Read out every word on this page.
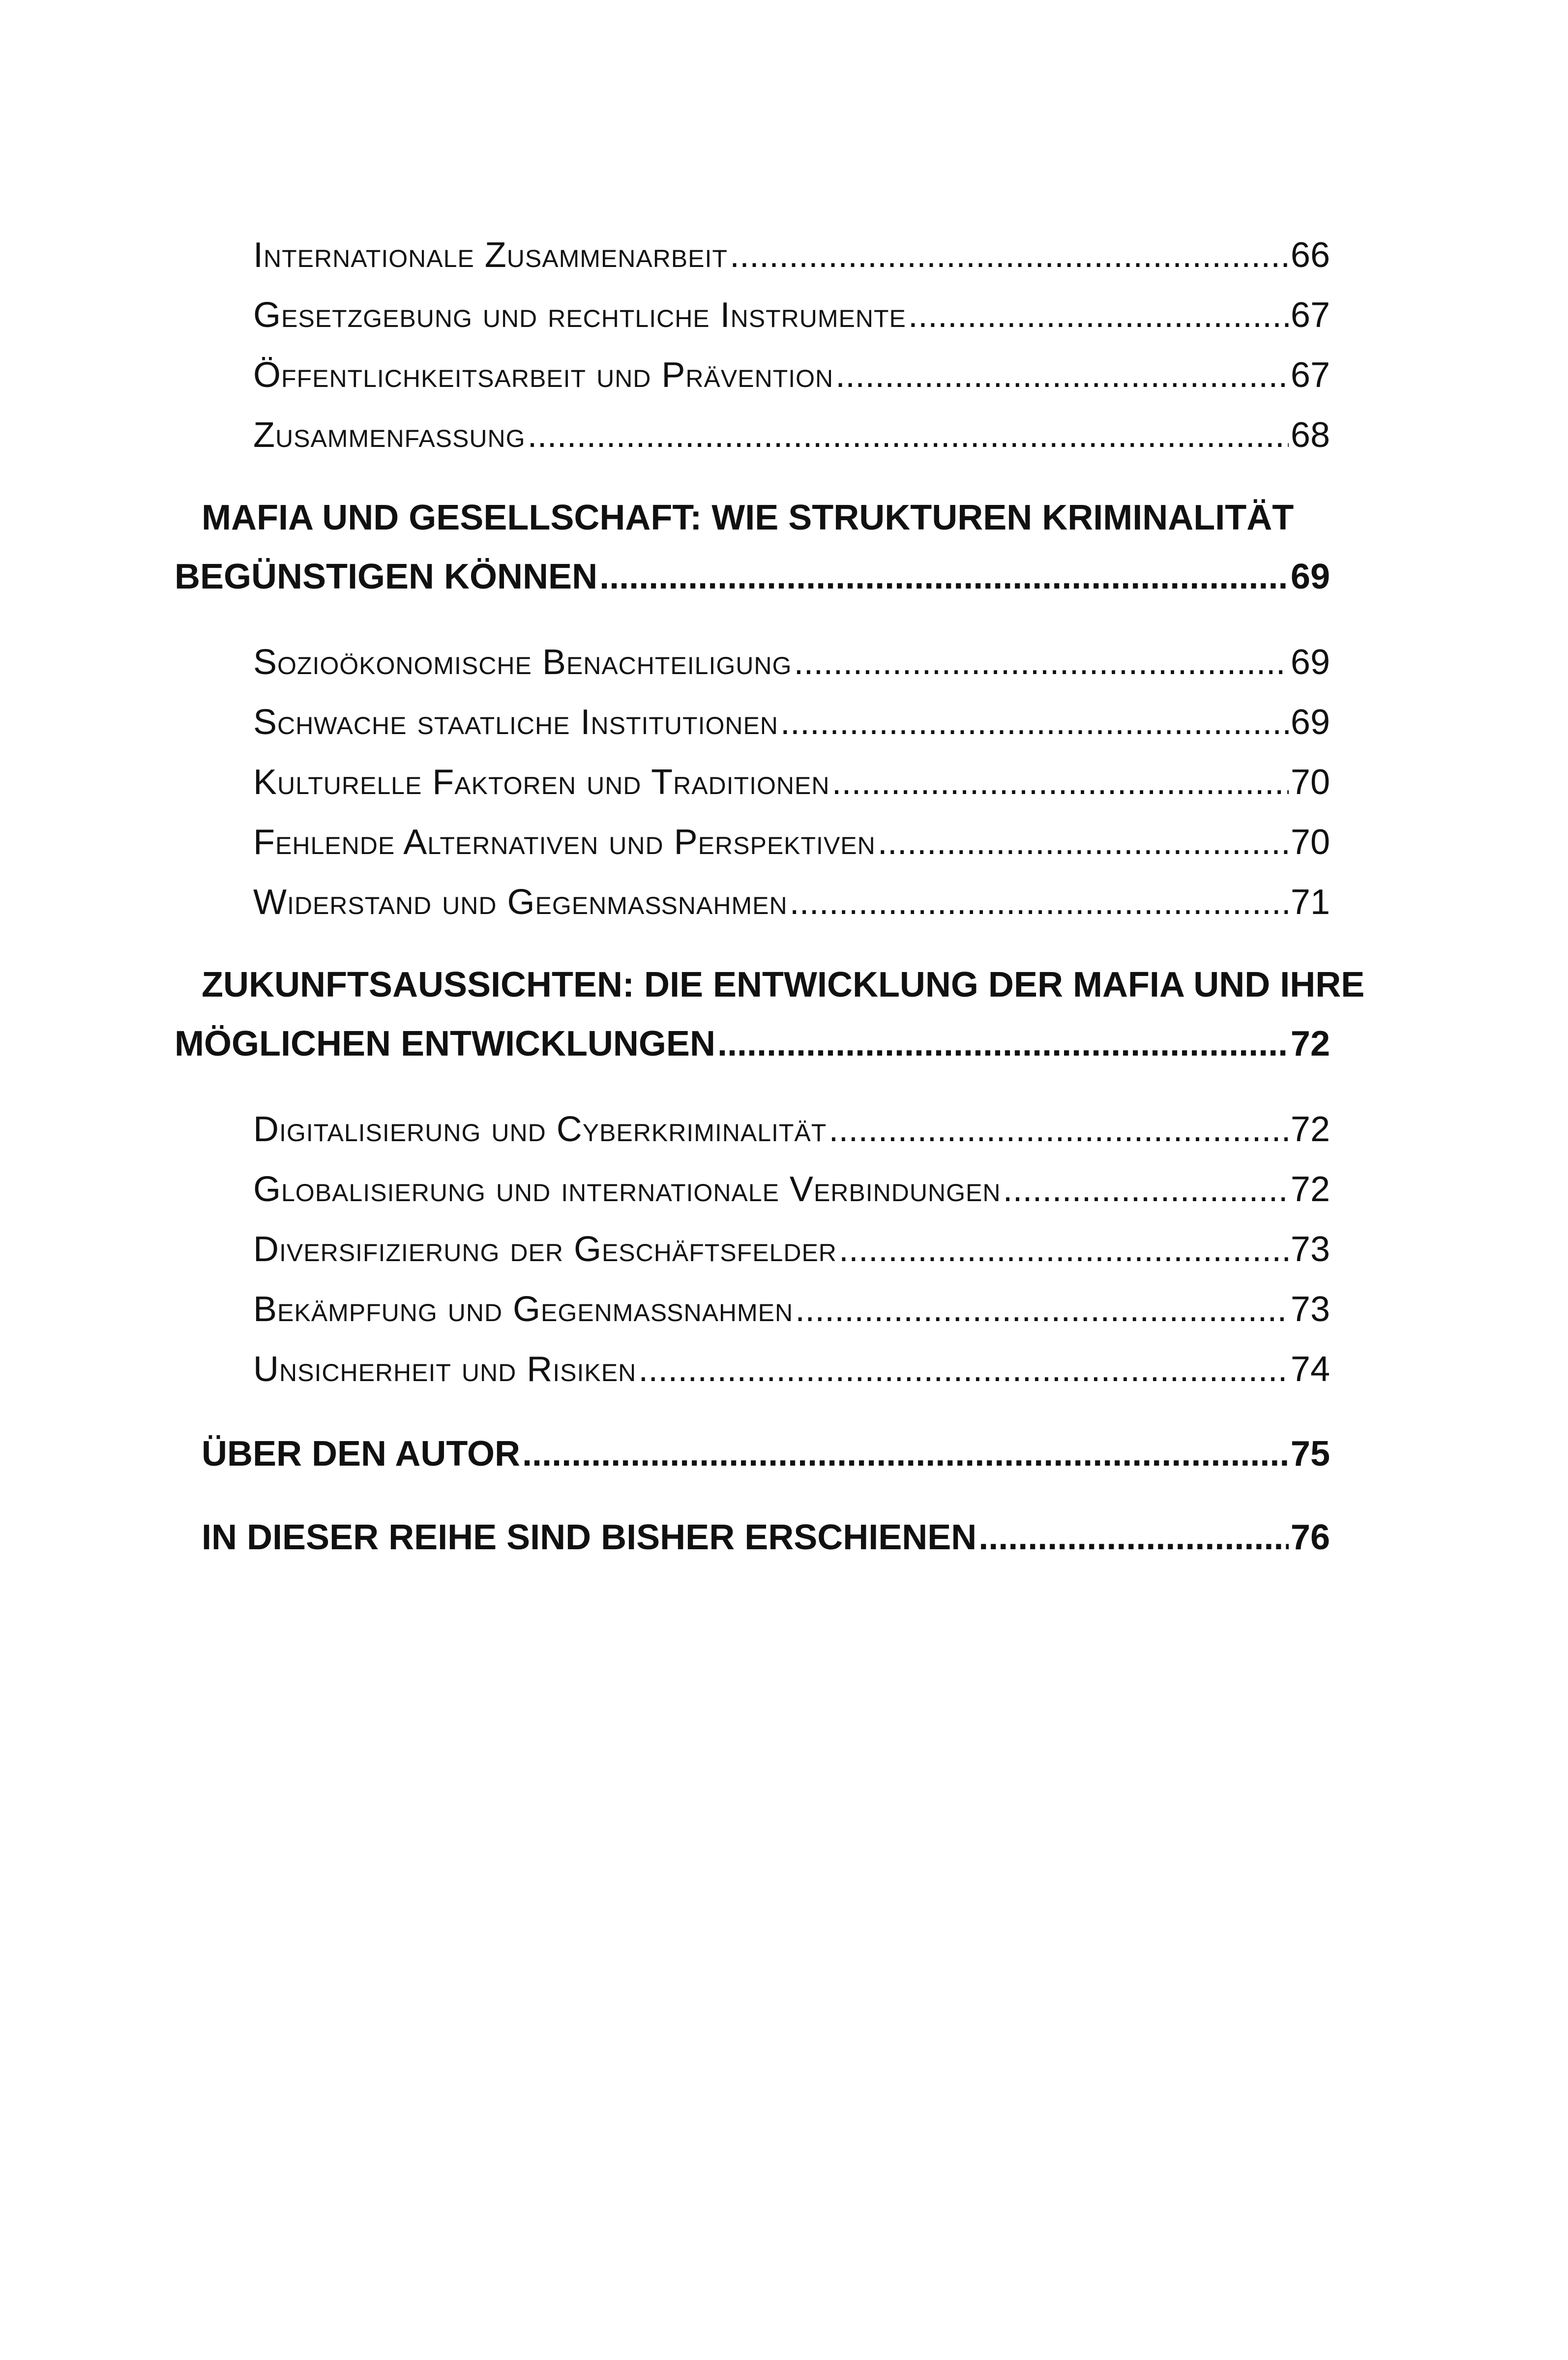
Internationale Zusammenarbeit .....	66
Gesetzgebung und rechtliche Instrumente .....	67
Öffentlichkeitsarbeit und Prävention .....	67
Zusammenfassung .....	68
MAFIA UND GESELLSCHAFT: WIE STRUKTUREN KRIMINALITÄT
BEGÜNSTIGEN KÖNNEN .....	69
Sozioökonomische Benachteiligung .....	69
Schwache staatliche Institutionen .....	69
Kulturelle Faktoren und Traditionen .....	70
Fehlende Alternativen und Perspektiven .....	70
Widerstand und Gegenmaßnahmen .....	71
ZUKUNFTSAUSSICHTEN: DIE ENTWICKLUNG DER MAFIA UND IHRE
MÖGLICHEN ENTWICKLUNGEN .....	72
Digitalisierung und Cyberkriminalität .....	72
Globalisierung und internationale Verbindungen .....	72
Diversifizierung der Geschäftsfelder .....	73
Bekämpfung und Gegenmaßnahmen .....	73
Unsicherheit und Risiken .....	74
ÜBER DEN AUTOR .....	75
IN DIESER REIHE SIND BISHER ERSCHIENEN .....	76
